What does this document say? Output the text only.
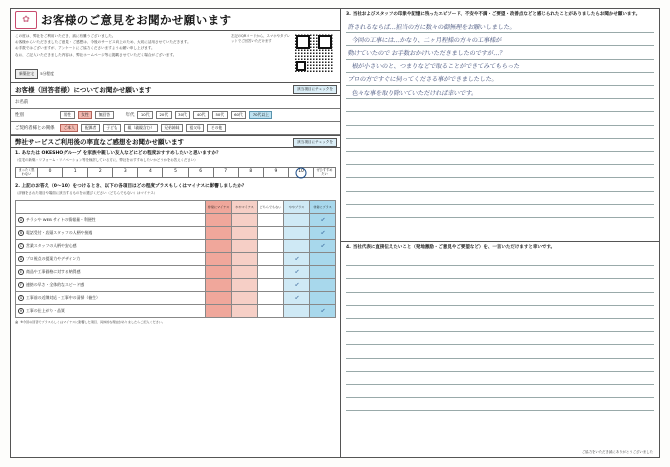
✿ お客様のご意見をお聞かせ願います

この度は、弊社をご利用いただき、誠に有難うございました。

お客様からいただきましたご意見・ご感想は、今後のサービス向上のため、大切に活用させていただきます。

お手数ではございますが、アンケートにご協力くださいますようお願い申し上げます。

なお、ご記入いただきました内容は、弊社ホームページ等に掲載させていただく場合がございます。

左記のQRコードから、スマホやタブレットでご回答いただけます
新築住宅	5分程度
お客様（回答者様）についてお聞かせ願います	該当項目にチェックを
お名前
性別	男性	女性	無回答	年代	10代	20代	30代	40代	50代	60代	70代以上
ご契約者様との関係	ご本人	配偶者	子ども	親（義親含む）	兄弟姉妹	祖父母	その他
弊社サービスご利用後の率直なご感想をお聞かせ願います	該当項目にチェックを
1. あなたは OKESHOグループ を家族や親しい友人などにどの程度おすすめしたいと思いますか？
（住宅の新築・リフォーム・リノベーション等を検討している方に、弊社をおすすめしたいかどうかをお答えください）
まったく思わない	0	1	2	3	4	5	6	7	8	9	10	ぜひすすめたい
2. 上記のお答え（0〜10）をつけるとき、以下の各項目はどの程度プラスもしくはマイナスに影響しましたか？
（評価をされた項目や場面に該当するものをお選びください（どちらでもない）はマイナス）

	非常にマイナス	ややマイナス	どちらでもない	ややプラス	非常にプラス

A チラシや WEB サイトの情報量・利便性					✓

B 電話受付・店頭スタッフの人柄や接遇					✓

C 営業スタッフの人柄や安心感					✓

D プロ視点の提案力やデザイン力				✓	

E 商品や工事価格に対する納得感				✓	

F 連絡の早さ・全体的なスピード感				✓	

G 工事前の近隣対応・工事中の清掃（養生）				✓	

H 工事の仕上がり・品質					✓
※ ※今回の回答でプラスもしくはマイナスに影響した項目、具体的な理由がありましたらご記入ください。
3. 当社およびスタッフの印象や記憶に残ったエピソード、不安や不満・ご要望・改善点などと感じられたことがありましたらお聞かせ願います。
許されるならば…担当の方に数々の御無理をお願いしました。
今回の工事には…かなり、二ヶ月程様の方々の工事様が
動けていたので お手数おかけいただきましたのですが…？
根が小さいのと、つまりなどで取ることができてみてもらった
プロの方ですぐに伺ってくださる事ができましたした。
色々な事を取り除いていただければ幸いです。
4. 当社代表に直接伝えたいこと（発地激励・ご意見やご要望など）を、一言いただけますと幸いです。
ご協力をいただき誠にありがとうございました
